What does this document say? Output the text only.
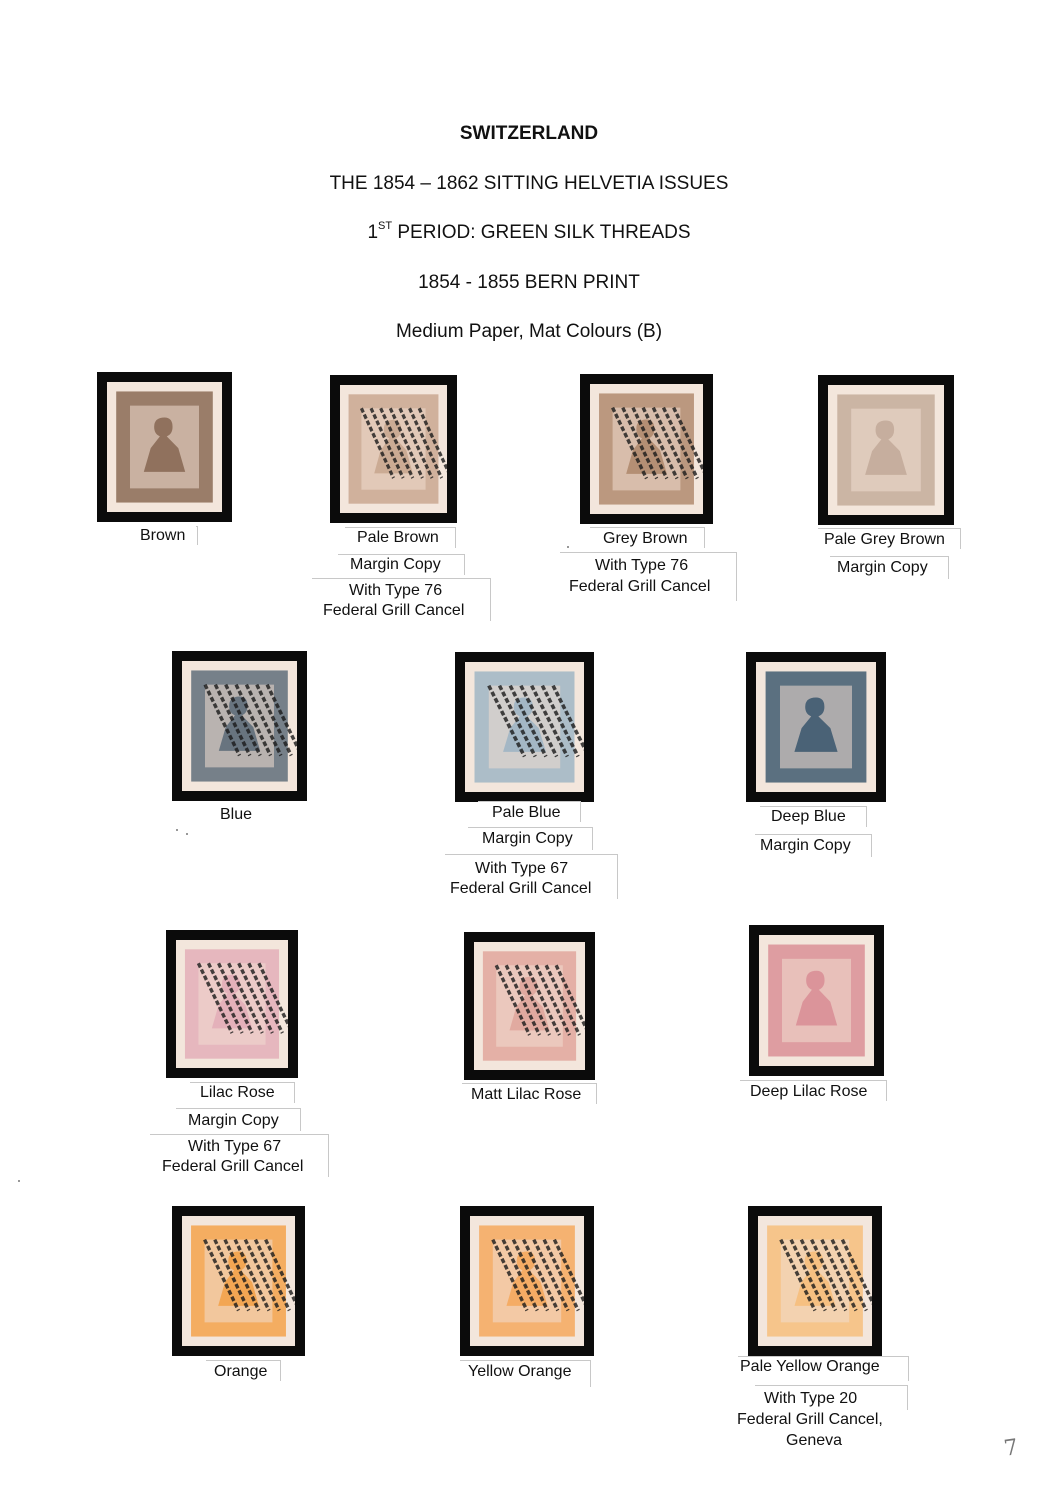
SWITZERLAND
THE 1854 – 1862 SITTING HELVETIA ISSUES
1ST PERIOD: GREEN SILK THREADS
1854 - 1855 BERN PRINT
Medium Paper, Mat Colours (B)
Brown	Pale Brown
Margin Copy
With Type 76
Federal Grill Cancel
Grey Brown
With Type 76
Federal Grill Cancel
Pale Grey Brown
Margin Copy
Blue	Pale Blue
Margin Copy
With Type 67
Federal Grill Cancel
Deep Blue
Margin Copy
Lilac Rose
Margin Copy
With Type 67
Federal Grill Cancel
Matt Lilac Rose	Deep Lilac Rose
Orange	Yellow Orange	Pale Yellow Orange
With Type 20
Federal Grill Cancel,
Geneva	7
